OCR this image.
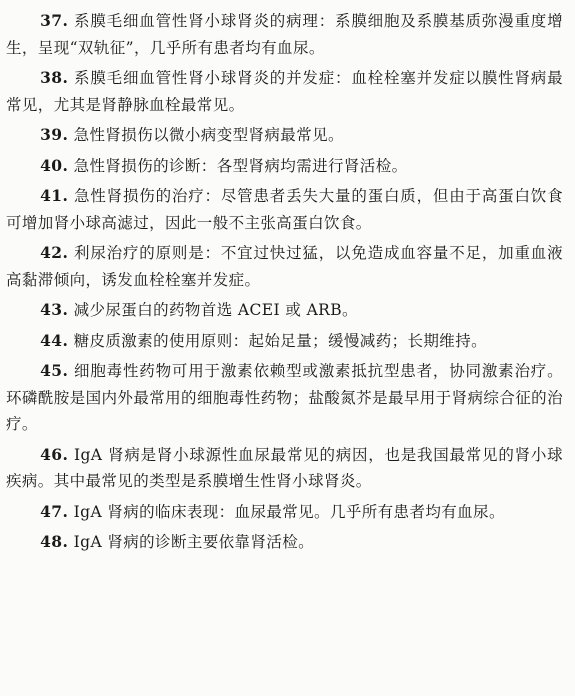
37. 系膜毛细血管性肾小球肾炎的病理：系膜细胞及系膜基质弥漫重度增生，呈现“双轨征”，几乎所有患者均有血尿。

38. 系膜毛细血管性肾小球肾炎的并发症：血栓栓塞并发症以膜性肾病最常见，尤其是肾静脉血栓最常见。

39. 急性肾损伤以微小病变型肾病最常见。

40. 急性肾损伤的诊断：各型肾病均需进行肾活检。

41. 急性肾损伤的治疗：尽管患者丢失大量的蛋白质，但由于高蛋白饮食可增加肾小球高滤过，因此一般不主张高蛋白饮食。

42. 利尿治疗的原则是：不宜过快过猛，以免造成血容量不足，加重血液高黏滞倾向，诱发血栓栓塞并发症。

43. 减少尿蛋白的药物首选 ACEI 或 ARB。

44. 糖皮质激素的使用原则：起始足量；缓慢减药；长期维持。

45. 细胞毒性药物可用于激素依赖型或激素抵抗型患者，协同激素治疗。环磷酰胺是国内外最常用的细胞毒性药物；盐酸氮芥是最早用于肾病综合征的治疗。

46. IgA 肾病是肾小球源性血尿最常见的病因，也是我国最常见的肾小球疾病。其中最常见的类型是系膜增生性肾小球肾炎。

47. IgA 肾病的临床表现：血尿最常见。几乎所有患者均有血尿。

48. IgA 肾病的诊断主要依靠肾活检。
